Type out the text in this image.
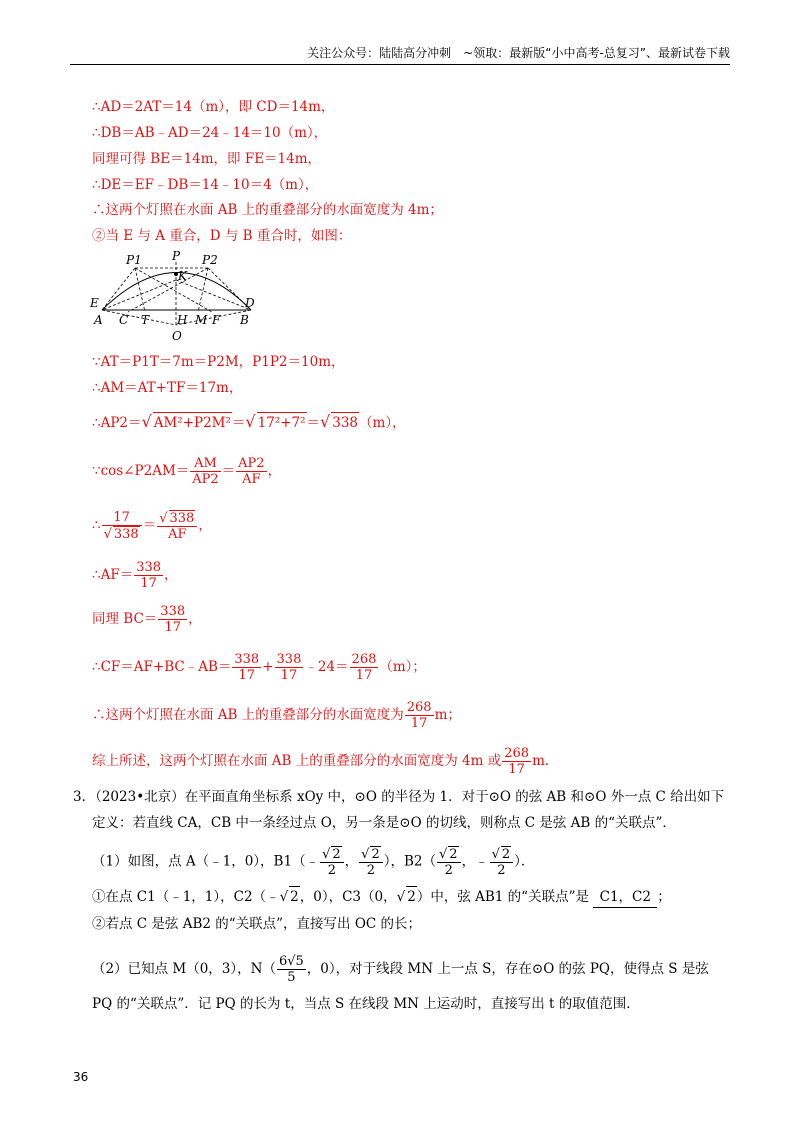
关注公众号：陆陆高分冲刺　~领取：最新版“小中高考-总复习”、最新试卷下载
∴AD＝2AT＝14（m），即 CD＝14m，
∴DB＝AB﹣AD＝24﹣14＝10（m），
同理可得 BE＝14m，即 FE＝14m，
∴DE＝EF﹣DB＝14﹣10＝4（m），
∴这两个灯照在水面 AB 上的重叠部分的水面宽度为 4m；
②当 E 与 A 重合，D 与 B 重合时，如图：
P1	P P2
K
E	D
A C T H M F B
O
∵AT＝P1T＝7m＝P2M，P1P2＝10m，
∴AM＝AT+TF＝17m，
∴AP2＝√ AM²+P2M²＝√ 17²+7²＝√ 338（m），
∵cos∠P2AM＝ $\frac{AM}{AP2} = \frac{AP2}{AF}$ ，
∴ $\frac{17}{√ 338} = \frac{√ 338}{AF}$ ，
∴AF＝ $\frac{338}{17}$ ，
同理 $BC= \frac{338}{17}$ ，
∴CF＝AF+BC﹣AB＝ $\frac{338}{17} + \frac{338}{17}$ ﹣24＝ $\frac{268}{17} (m)$；
∴这两个灯照在水面 AB 上的重叠部分的水面宽度为 $\frac{268}{17}$ m；
综上所述，这两个灯照在水面 AB 上的重叠部分的水面宽度为 4m 或 $\frac{268}{17} m$.
3．（2023•北京）在平面直角坐标系 xOy 中，⊙O 的半径为 1．对于⊙O 的弦 AB 和⊙O 外一点 C 给出如下
定义：若直线 CA，CB 中一条经过点 O，另一条是⊙O 的切线，则称点 C 是弦 AB 的“关联点”．
（1）如图，点 A（﹣1，0），B1（﹣ $\frac{√ 2}{2}$ ， $\frac{√ 2}{2}$ ），$B2( \frac{√ 2}{2}$ ，﹣ $\frac{√ 2}{2}$ ）．
①在点 C1（﹣1，1），C2（﹣√ 2，0），C3（0，√ 2）中，弦 AB1 的“关联点”是 C1，C2 ；
②若点 C 是弦 AB2 的“关联点”，直接写出 OC 的长；
（2）已知点 M（0，3），$N( \frac{6√5}{5}$ ，0），对于线段 MN 上一点 S，存在⊙O 的弦 PQ，使得点 S 是弦
PQ 的“关联点”．记 PQ 的长为 t，当点 S 在线段 MN 上运动时，直接写出 t 的取值范围．
36
